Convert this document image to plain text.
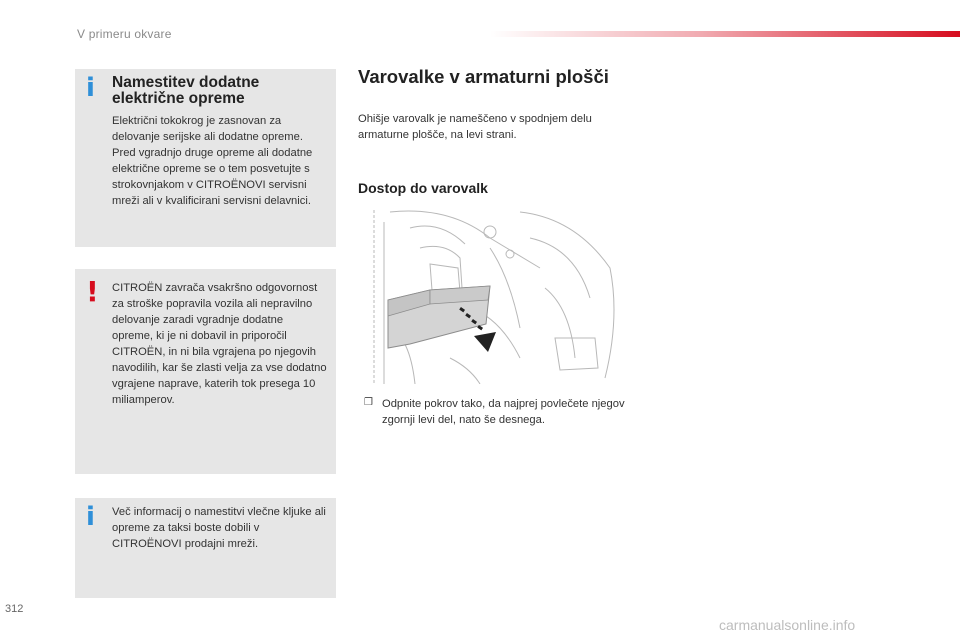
V primeru okvare
i Namestitev dodatne električne opreme
Električni tokokrog je zasnovan za delovanje serijske ali dodatne opreme. Pred vgradnjo druge opreme ali dodatne električne opreme se o tem posvetujte s strokovnjakom v CITROËNOVI servisni mreži ali v kvalificirani servisni delavnici.
! CITROËN zavrača vsakršno odgovornost za stroške popravila vozila ali nepravilno delovanje zaradi vgradnje dodatne opreme, ki je ni dobavil in priporočil CITROËN, in ni bila vgrajena po njegovih navodilih, kar še zlasti velja za vse dodatno vgrajene naprave, katerih tok presega 10 miliamperov.
i Več informacij o namestitvi vlečne kljuke ali opreme za taksi boste dobili v CITROËNOVI prodajni mreži.
Varovalke v armaturni plošči
Ohišje varovalk je nameščeno v spodnjem delu armaturne plošče, na levi strani.
Dostop do varovalk
❒ Odpnite pokrov tako, da najprej povlečete njegov zgornji levi del, nato še desnega.
312
carmanualsonline.info
